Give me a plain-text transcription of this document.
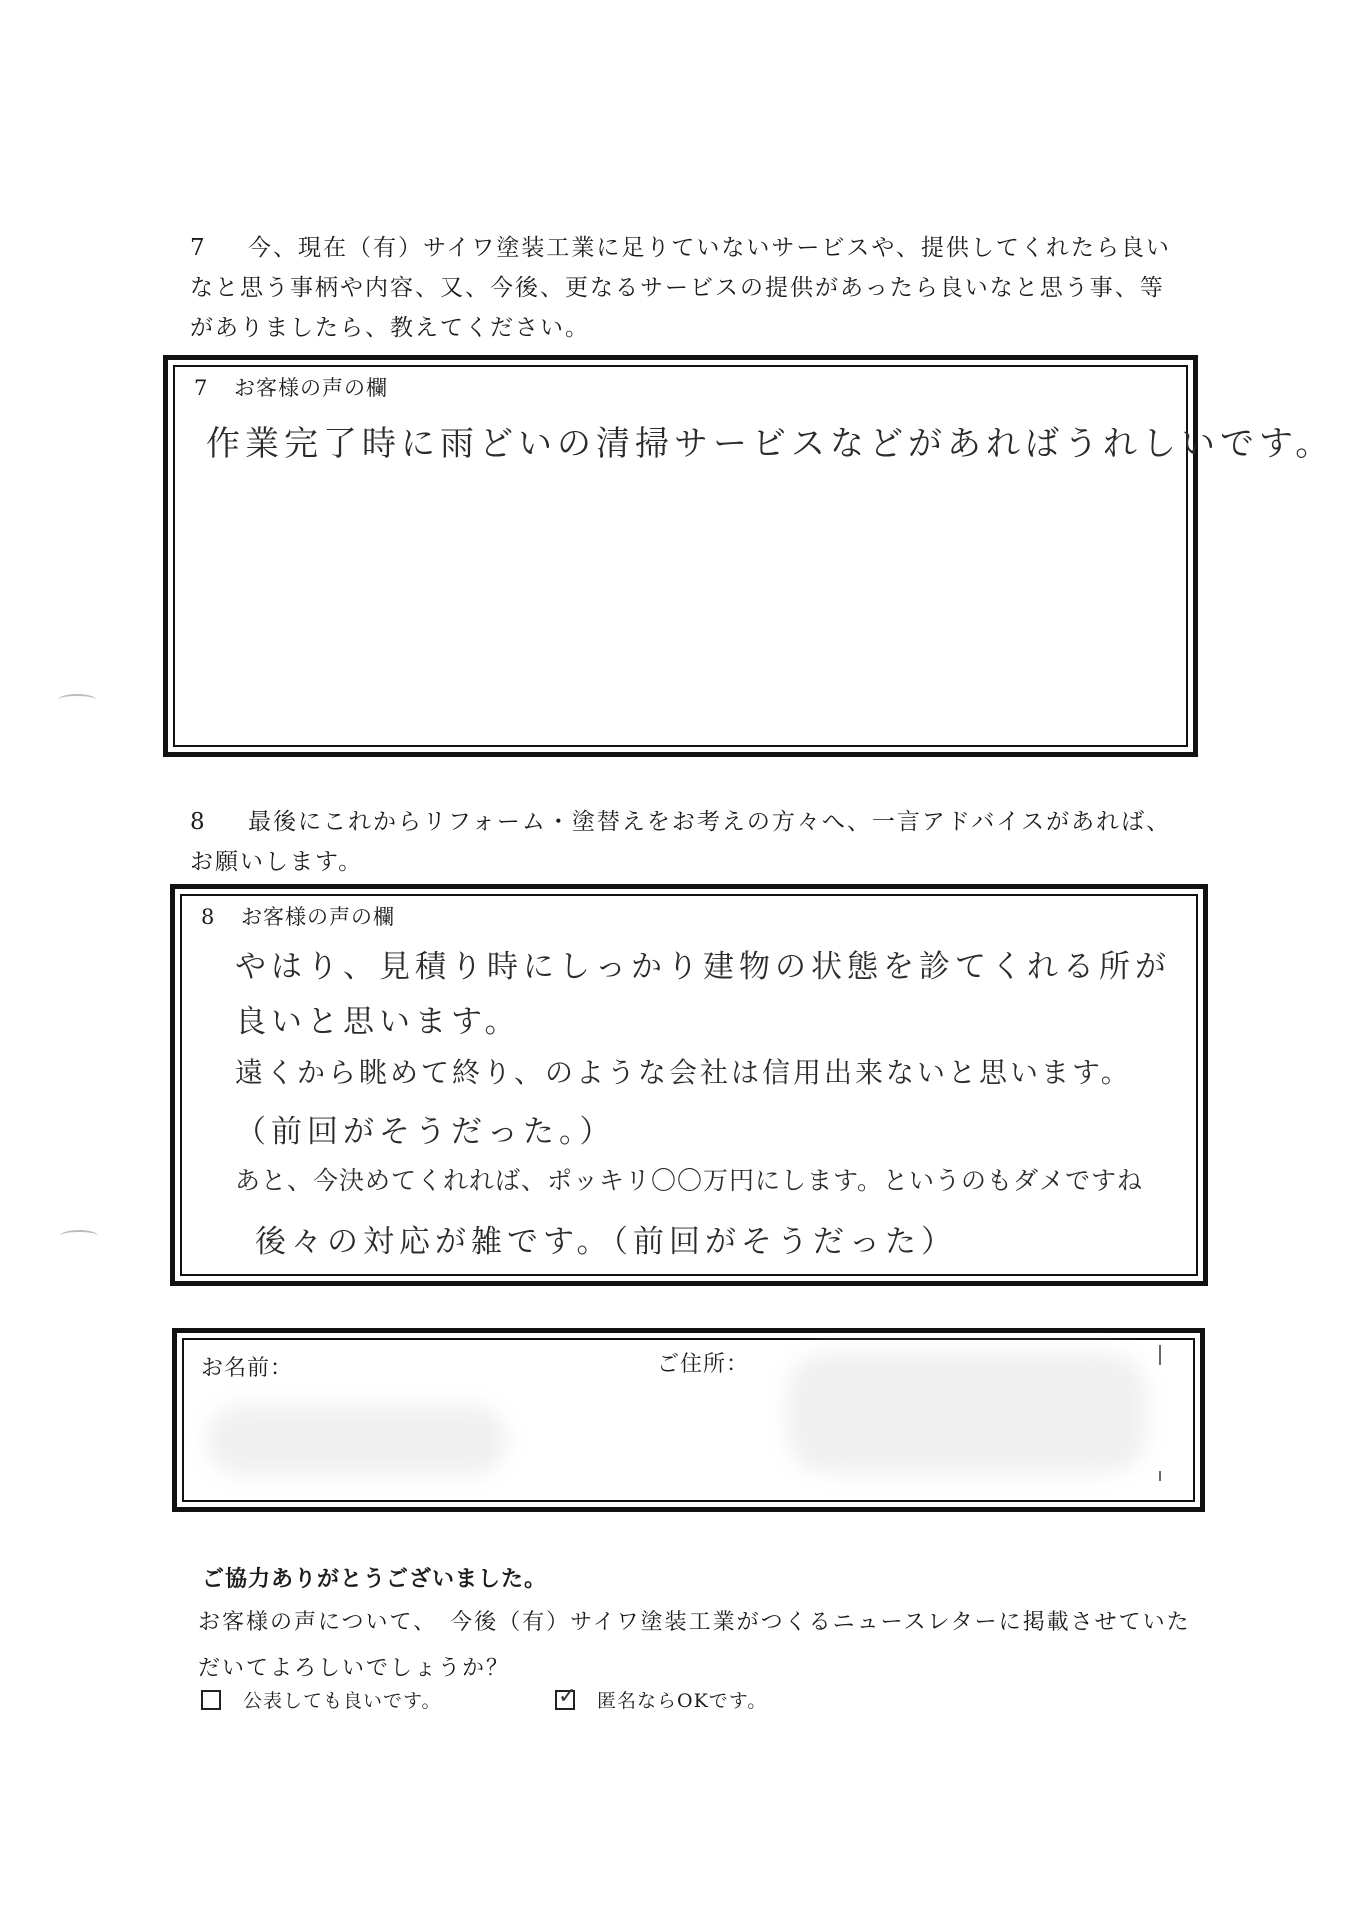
7 今、現在（有）サイワ塗装工業に足りていないサービスや、提供してくれたら良いなと思う事柄や内容、又、今後、更なるサービスの提供があったら良いなと思う事、等がありましたら、教えてください。
7 お客様の声の欄
作業完了時に雨どいの清掃サービスなどがあればうれしいです。
8 最後にこれからリフォーム・塗替えをお考えの方々へ、一言アドバイスがあれば、お願いします。
8 お客様の声の欄
やはり、見積り時にしっかり建物の状態を診てくれる所が
良いと思います。
遠くから眺めて終り、のような会社は信用出来ないと思います。
（前回がそうだった。）
あと、今決めてくれれば、ポッキリ〇〇万円にします。というのもダメですね
後々の対応が雑です。（前回がそうだった）
お名前：	ご住所：
ご協力ありがとうございました。
お客様の声について、　今後（有）サイワ塗装工業がつくるニュースレターに掲載させていただいてよろしいでしょうか？
公表しても良いです。	✓ 匿名ならOKです。
